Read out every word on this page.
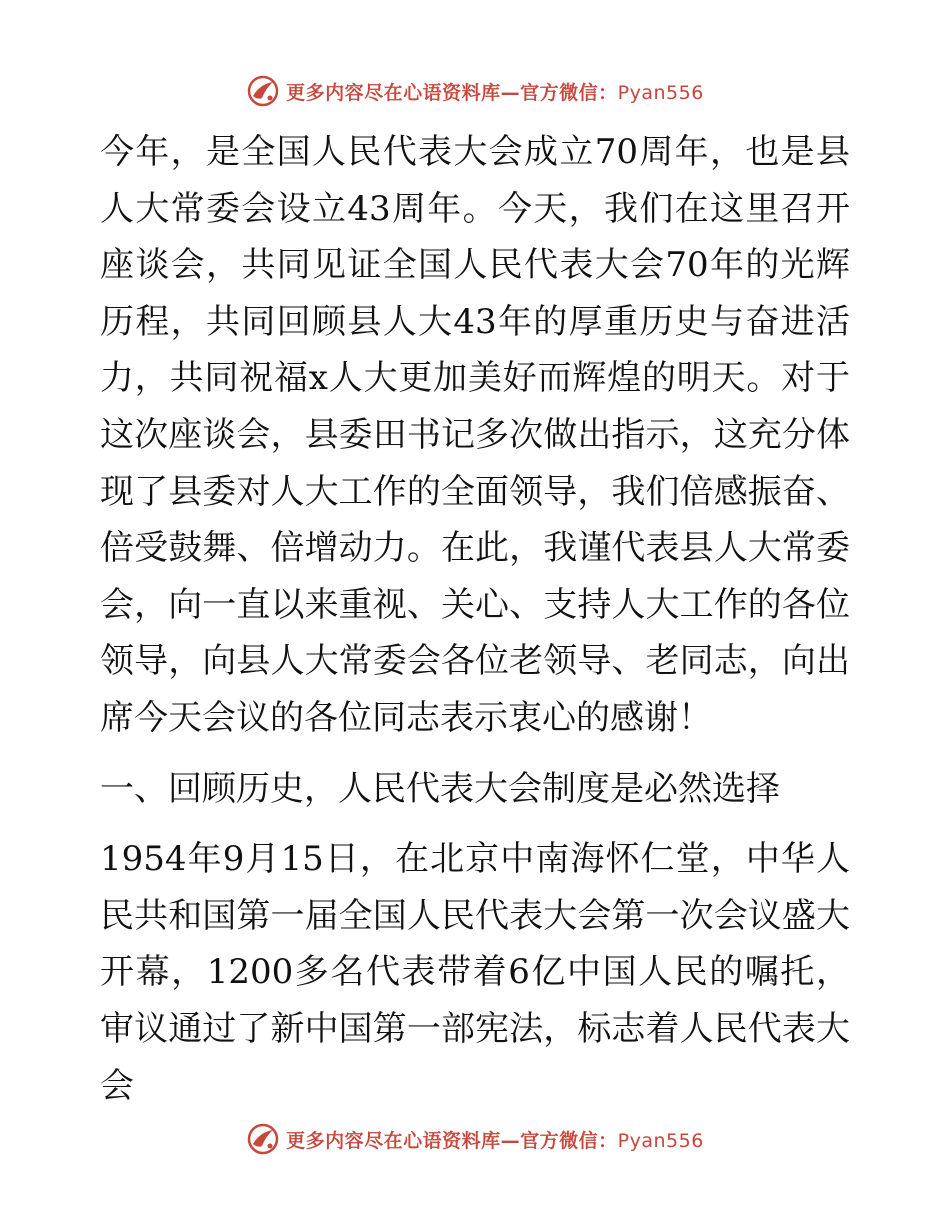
更多内容尽在心语资料库—官方微信：Pyan556

今年，是全国人民代表大会成立70周年，也是县人大常委会设立43周年。今天，我们在这里召开座谈会，共同见证全国人民代表大会70年的光辉历程，共同回顾县人大43年的厚重历史与奋进活力，共同祝福x人大更加美好而辉煌的明天。对于这次座谈会，县委田书记多次做出指示，这充分体现了县委对人大工作的全面领导，我们倍感振奋、倍受鼓舞、倍增动力。在此，我谨代表县人大常委会，向一直以来重视、关心、支持人大工作的各位领导，向县人大常委会各位老领导、老同志，向出席今天会议的各位同志表示衷心的感谢！

一、回顾历史，人民代表大会制度是必然选择

1954年9月15日，在北京中南海怀仁堂，中华人民共和国第一届全国人民代表大会第一次会议盛大开幕，1200多名代表带着6亿中国人民的嘱托，审议通过了新中国第一部宪法，标志着人民代表大会

更多内容尽在心语资料库—官方微信：Pyan556
